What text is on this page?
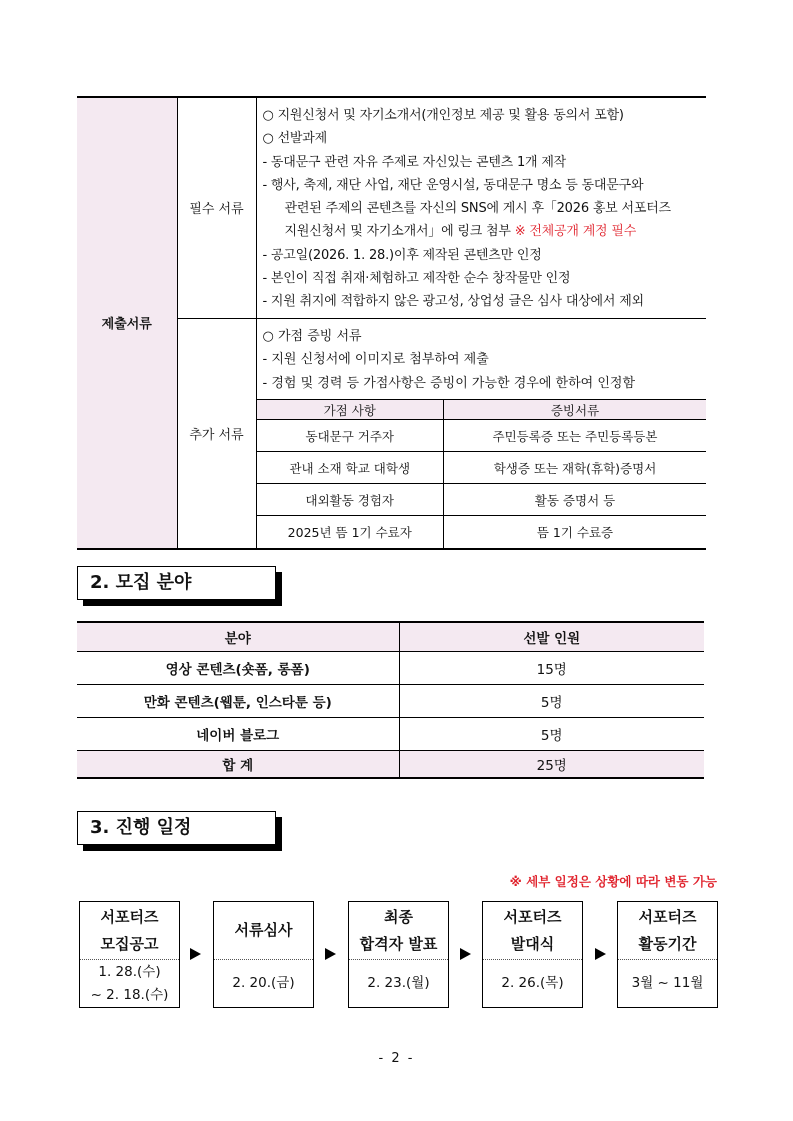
제출서류	필수 서류	
○ 지원신청서 및 자기소개서(개인정보 제공 및 활용 동의서 포함)
○ 선발과제
- 동대문구 관련 자유 주제로 자신있는 콘텐츠 1개 제작
- 행사, 축제, 재단 사업, 재단 운영시설, 동대문구 명소 등 동대문구와
관련된 주제의 콘텐츠를 자신의 SNS에 게시 후「2026 홍보 서포터즈
지원신청서 및 자기소개서」에 링크 첨부 ※ 전체공개 계정 필수
- 공고일(2026. 1. 28.)이후 제작된 콘텐츠만 인정
- 본인이 직접 취재·체험하고 제작한 순수 창작물만 인정
- 지원 취지에 적합하지 않은 광고성, 상업성 글은 심사 대상에서 제외

추가 서류	
○ 가점 증빙 서류
- 지원 신청서에 이미지로 첨부하여 제출
- 경험 및 경력 등 가점사항은 증빙이 가능한 경우에 한하여 인정함
가점 사항	증빙서류
동대문구 거주자	주민등록증 또는 주민등록등본
관내 소재 학교 대학생	학생증 또는 재학(휴학)증명서
대외활동 경험자	활동 증명서 등
2025년 뜸 1기 수료자	뜸 1기 수료증
2. 모집 분야
분야	선발 인원
영상 콘텐츠(숏폼, 롱폼)	15명
만화 콘텐츠(웹툰, 인스타툰 등)	5명
네이버 블로그	5명
합 계	25명
3. 진행 일정
※ 세부 일정은 상황에 따라 변동 가능
서포터즈
모집공고
1. 28.(수)
~ 2. 18.(수)
서류심사
2. 20.(금)
최종
합격자 발표
2. 23.(월)
서포터즈
발대식
2. 26.(목)
서포터즈
활동기간
3월 ~ 11월
- 2 -
